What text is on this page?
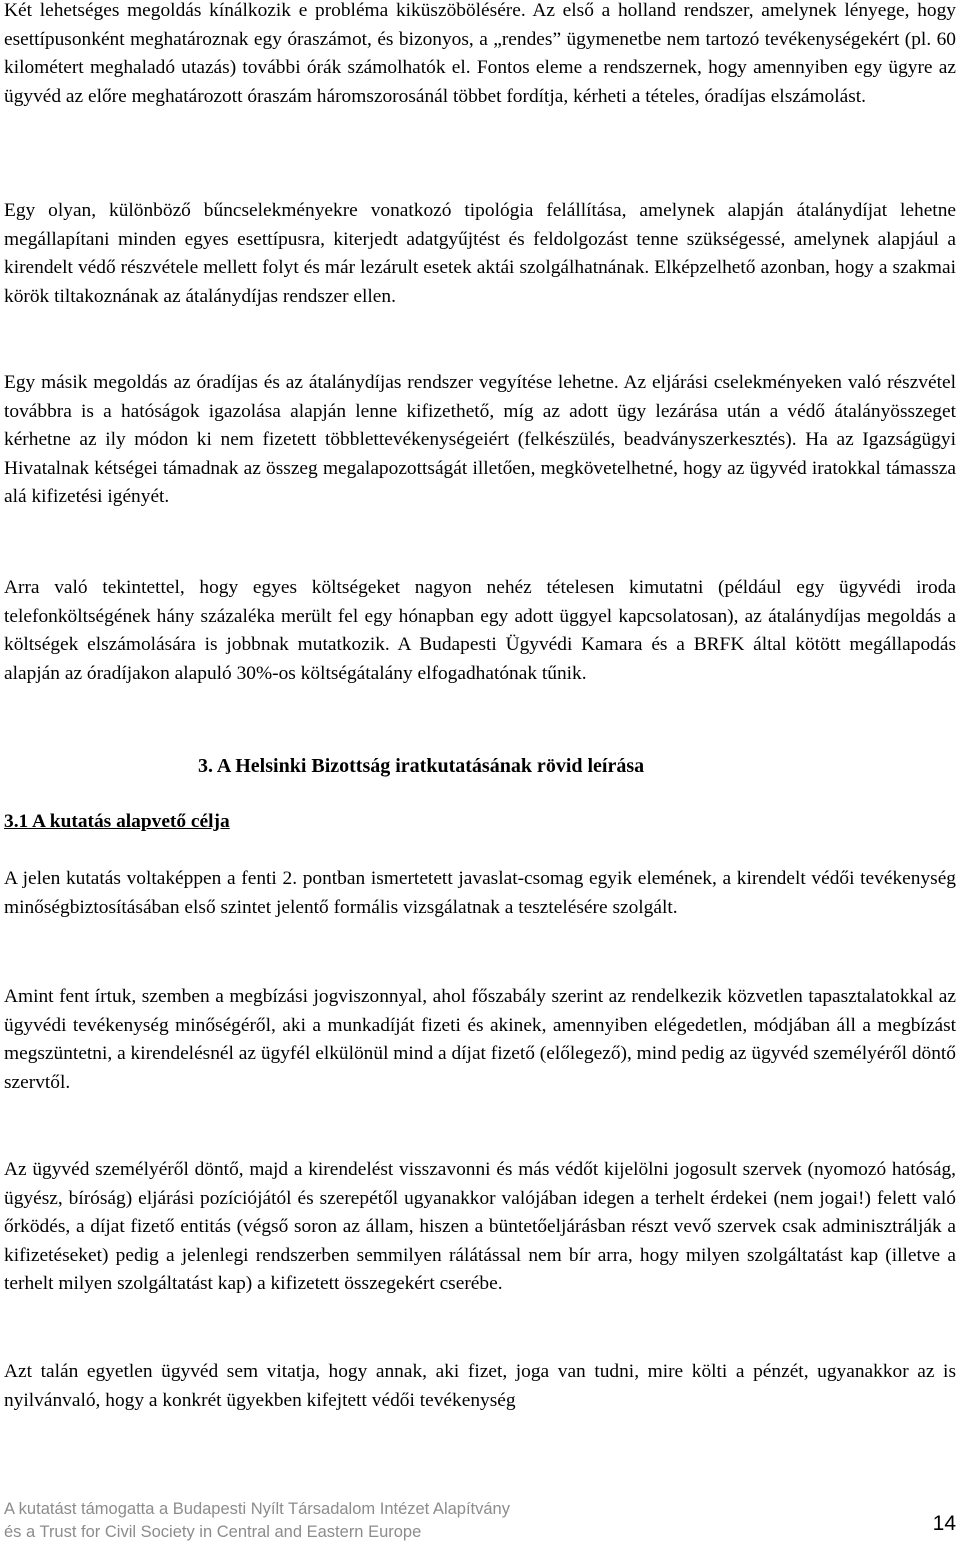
Két lehetséges megoldás kínálkozik e probléma kiküszöbölésére. Az első a holland rendszer, amelynek lényege, hogy esettípusonként meghatároznak egy óraszámot, és bizonyos, a „rendes” ügymenetbe nem tartozó tevékenységekért (pl. 60 kilométert meghaladó utazás) további órák számolhatók el. Fontos eleme a rendszernek, hogy amennyiben egy ügyre az ügyvéd az előre meghatározott óraszám háromszorosánál többet fordítja, kérheti a tételes, óradíjas elszámolást.

Egy olyan, különböző bűncselekményekre vonatkozó tipológia felállítása, amelynek alapján átalánydíjat lehetne megállapítani minden egyes esettípusra, kiterjedt adatgyűjtést és feldolgozást tenne szükségessé, amelynek alapjául a kirendelt védő részvétele mellett folyt és már lezárult esetek aktái szolgálhatnának. Elképzelhető azonban, hogy a szakmai körök tiltakoznának az átalánydíjas rendszer ellen.

Egy másik megoldás az óradíjas és az átalánydíjas rendszer vegyítése lehetne. Az eljárási cselekményeken való részvétel továbbra is a hatóságok igazolása alapján lenne kifizethető, míg az adott ügy lezárása után a védő átalányösszeget kérhetne az ily módon ki nem fizetett többlettevékenységeiért (felkészülés, beadványszerkesztés). Ha az Igazságügyi Hivatalnak kétségei támadnak az összeg megalapozottságát illetően, megkövetelhetné, hogy az ügyvéd iratokkal támassza alá kifizetési igényét.

Arra való tekintettel, hogy egyes költségeket nagyon nehéz tételesen kimutatni (például egy ügyvédi iroda telefonköltségének hány százaléka merült fel egy hónapban egy adott üggyel kapcsolatosan), az átalánydíjas megoldás a költségek elszámolására is jobbnak mutatkozik. A Budapesti Ügyvédi Kamara és a BRFK által kötött megállapodás alapján az óradíjakon alapuló 30%-os költségátalány elfogadhatónak tűnik.

3. A Helsinki Bizottság iratkutatásának rövid leírása
3.1 A kutatás alapvető célja

A jelen kutatás voltaképpen a fenti 2. pontban ismertetett javaslat-csomag egyik elemének, a kirendelt védői tevékenység minőségbiztosításában első szintet jelentő formális vizsgálatnak a tesztelésére szolgált.

Amint fent írtuk, szemben a megbízási jogviszonnyal, ahol főszabály szerint az rendelkezik közvetlen tapasztalatokkal az ügyvédi tevékenység minőségéről, aki a munkadíját fizeti és akinek, amennyiben elégedetlen, módjában áll a megbízást megszüntetni, a kirendelésnél az ügyfél elkülönül mind a díjat fizető (előlegező), mind pedig az ügyvéd személyéről döntő szervtől.

Az ügyvéd személyéről döntő, majd a kirendelést visszavonni és más védőt kijelölni jogosult szervek (nyomozó hatóság, ügyész, bíróság) eljárási pozíciójától és szerepétől ugyanakkor valójában idegen a terhelt érdekei (nem jogai!) felett való őrködés, a díjat fizető entitás (végső soron az állam, hiszen a büntetőeljárásban részt vevő szervek csak adminisztrálják a kifizetéseket) pedig a jelenlegi rendszerben semmilyen rálátással nem bír arra, hogy milyen szolgáltatást kap (illetve a terhelt milyen szolgáltatást kap) a kifizetett összegekért cserébe.

Azt talán egyetlen ügyvéd sem vitatja, hogy annak, aki fizet, joga van tudni, mire költi a pénzét, ugyanakkor az is nyilvánvaló, hogy a konkrét ügyekben kifejtett védői tevékenység

A kutatást támogatta a Budapesti Nyílt Társadalom Intézet Alapítvány
és a Trust for Civil Society in Central and Eastern Europe	14
